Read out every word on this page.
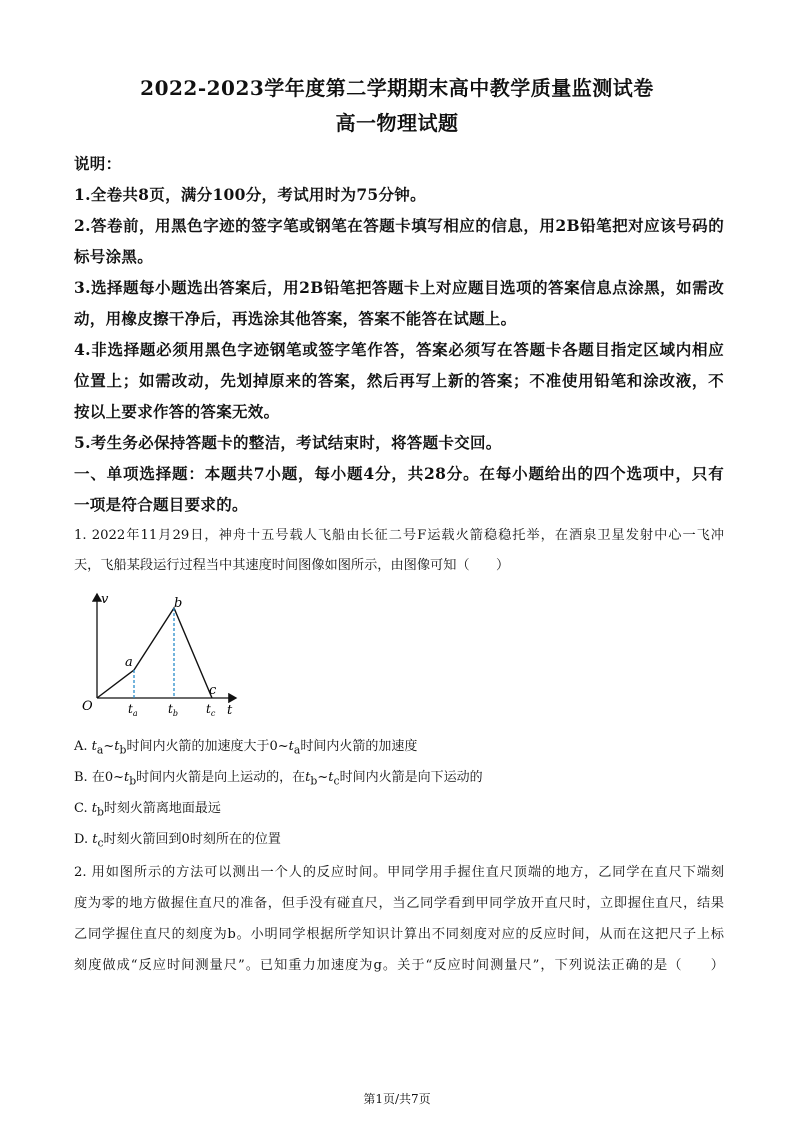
2022-2023学年度第二学期期末高中教学质量监测试卷
高一物理试题
说明：
1.全卷共8页，满分100分，考试用时为75分钟。
2.答卷前，用黑色字迹的签字笔或钢笔在答题卡填写相应的信息，用2B铅笔把对应该号码的
标号涂黑。
3.选择题每小题选出答案后，用2B铅笔把答题卡上对应题目选项的答案信息点涂黑，如需改
动，用橡皮擦干净后，再选涂其他答案，答案不能答在试题上。
4.非选择题必须用黑色字迹钢笔或签字笔作答，答案必须写在答题卡各题目指定区域内相应
位置上；如需改动，先划掉原来的答案，然后再写上新的答案；不准使用铅笔和涂改液，不
按以上要求作答的答案无效。
5.考生务必保持答题卡的整洁，考试结束时，将答题卡交回。
一、单项选择题：本题共7小题，每小题4分，共28分。在每小题给出的四个选项中，只有
一项是符合题目要求的。
1. 2022年11月29日，神舟十五号载人飞船由长征二号F运载火箭稳稳托举，在酒泉卫星发射中心一飞冲
天，飞船某段运行过程当中其速度时间图像如图所示，由图像可知（　　）
v
t
O
a
b
c
$t_a$	$t_b$ $t_c$
A. $t_a\sim t_b$时间内火箭的加速度大于$0\sim t_a$时间内火箭的加速度
B. 在$0\sim t_b$时间内火箭是向上运动的，在$t_b\sim t_c$时间内火箭是向下运动的
C. $t_b$时刻火箭离地面最远
D. $t_c$时刻火箭回到0时刻所在的位置
2. 用如图所示的方法可以测出一个人的反应时间。甲同学用手握住直尺顶端的地方，乙同学在直尺下端刻
度为零的地方做握住直尺的准备，但手没有碰直尺，当乙同学看到甲同学放开直尺时，立即握住直尺，结果
乙同学握住直尺的刻度为b。小明同学根据所学知识计算出不同刻度对应的反应时间，从而在这把尺子上标
刻度做成“反应时间测量尺”。已知重力加速度为g。关于“反应时间测量尺”，下列说法正确的是（　　）
第1页/共7页
